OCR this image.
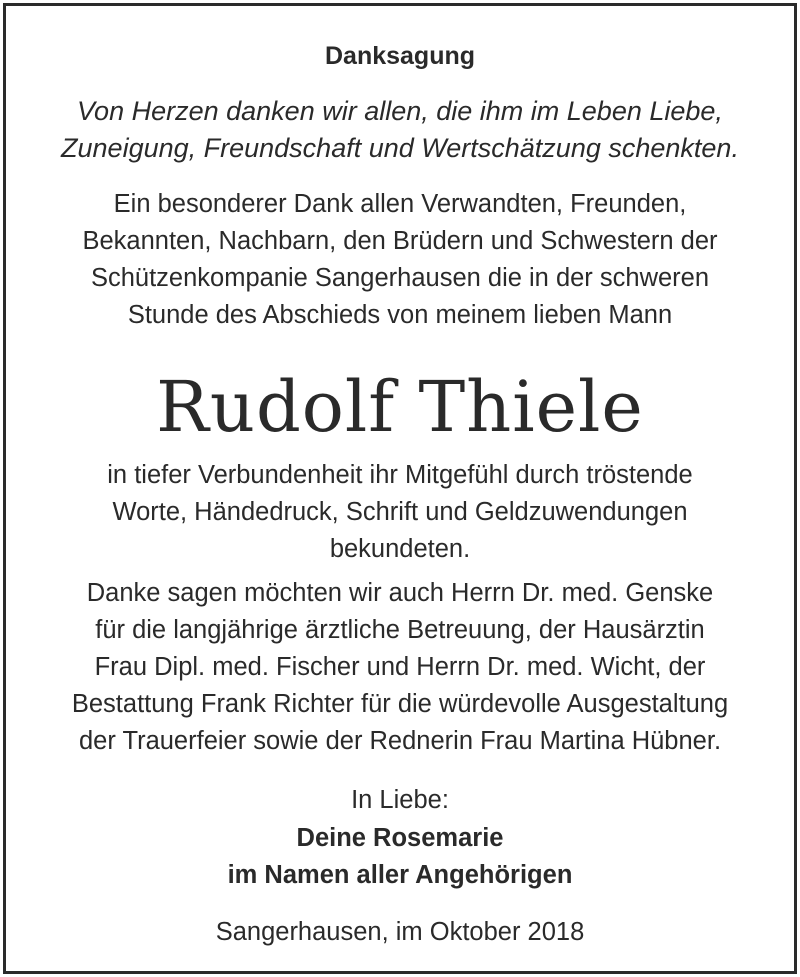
Danksagung
Von Herzen danken wir allen, die ihm im Leben Liebe,
Zuneigung, Freundschaft und Wertschätzung schenkten.
Ein besonderer Dank allen Verwandten, Freunden,
Bekannten, Nachbarn, den Brüdern und Schwestern der
Schützenkompanie Sangerhausen die in der schweren
Stunde des Abschieds von meinem lieben Mann
Rudolf Thiele
in tiefer Verbundenheit ihr Mitgefühl durch tröstende
Worte, Händedruck, Schrift und Geldzuwendungen
bekundeten.
Danke sagen möchten wir auch Herrn Dr. med. Genske
für die langjährige ärztliche Betreuung, der Hausärztin
Frau Dipl. med. Fischer und Herrn Dr. med. Wicht, der
Bestattung Frank Richter für die würdevolle Ausgestaltung
der Trauerfeier sowie der Rednerin Frau Martina Hübner.
In Liebe:
Deine Rosemarie
im Namen aller Angehörigen
Sangerhausen, im Oktober 2018
